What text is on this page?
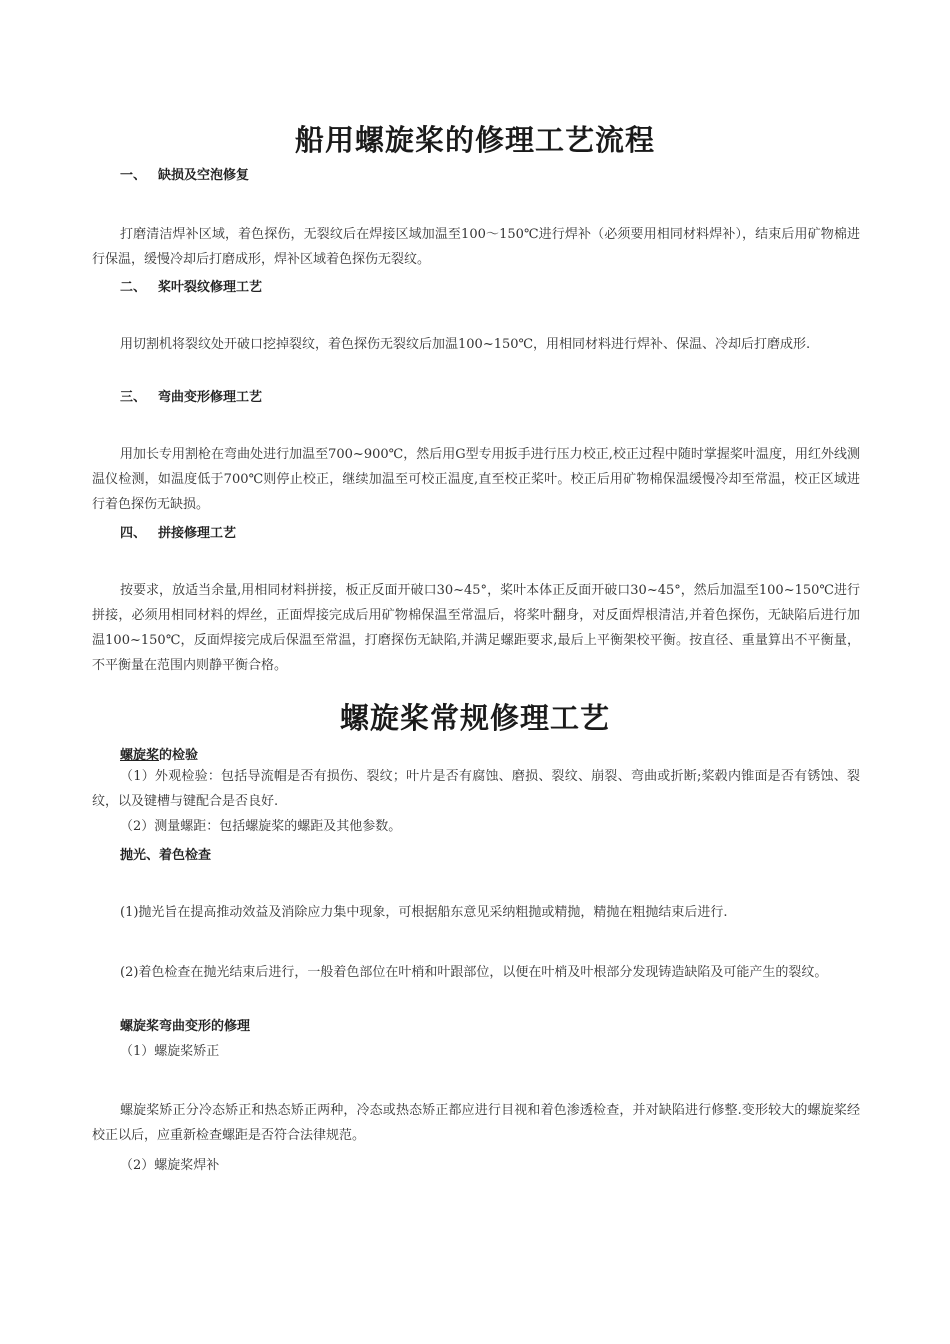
船用螺旋桨的修理工艺流程
一、 缺损及空泡修复
打磨清洁焊补区域，着色探伤，无裂纹后在焊接区域加温至100～150℃进行焊补（必须要用相同材料焊补），结束后用矿物棉进行保温，缓慢冷却后打磨成形，焊补区域着色探伤无裂纹。
二、 桨叶裂纹修理工艺
用切割机将裂纹处开破口挖掉裂纹，着色探伤无裂纹后加温100~150℃，用相同材料进行焊补、保温、冷却后打磨成形.
三、 弯曲变形修理工艺
用加长专用割枪在弯曲处进行加温至700~900℃，然后用G型专用扳手进行压力校正,校正过程中随时掌握桨叶温度，用红外线测温仪检测，如温度低于700℃则停止校正，继续加温至可校正温度,直至校正桨叶。校正后用矿物棉保温缓慢冷却至常温，校正区域进行着色探伤无缺损。
四、 拼接修理工艺
按要求，放适当余量,用相同材料拼接，板正反面开破口30~45°，桨叶本体正反面开破口30~45°，然后加温至100~150℃进行拼接，必须用相同材料的焊丝，正面焊接完成后用矿物棉保温至常温后，将桨叶翻身，对反面焊根清洁,并着色探伤，无缺陷后进行加温100~150℃，反面焊接完成后保温至常温，打磨探伤无缺陷,并满足螺距要求,最后上平衡架校平衡。按直径、重量算出不平衡量，不平衡量在范围内则静平衡合格。
螺旋桨常规修理工艺
螺旋桨的检验
（1）外观检验：包括导流帽是否有损伤、裂纹；叶片是否有腐蚀、磨损、裂纹、崩裂、弯曲或折断;桨毂内锥面是否有锈蚀、裂纹，以及键槽与键配合是否良好.
（2）测量螺距：包括螺旋桨的螺距及其他参数。
抛光、着色检查
(1)抛光旨在提高推动效益及消除应力集中现象，可根据船东意见采纳粗抛或精抛，精抛在粗抛结束后进行.
(2)着色检查在抛光结束后进行，一般着色部位在叶梢和叶跟部位，以便在叶梢及叶根部分发现铸造缺陷及可能产生的裂纹。
螺旋桨弯曲变形的修理
（1）螺旋桨矫正
螺旋桨矫正分冷态矫正和热态矫正两种，冷态或热态矫正都应进行目视和着色渗透检查，并对缺陷进行修整.变形较大的螺旋桨经校正以后，应重新检查螺距是否符合法律规范。
（2）螺旋桨焊补
